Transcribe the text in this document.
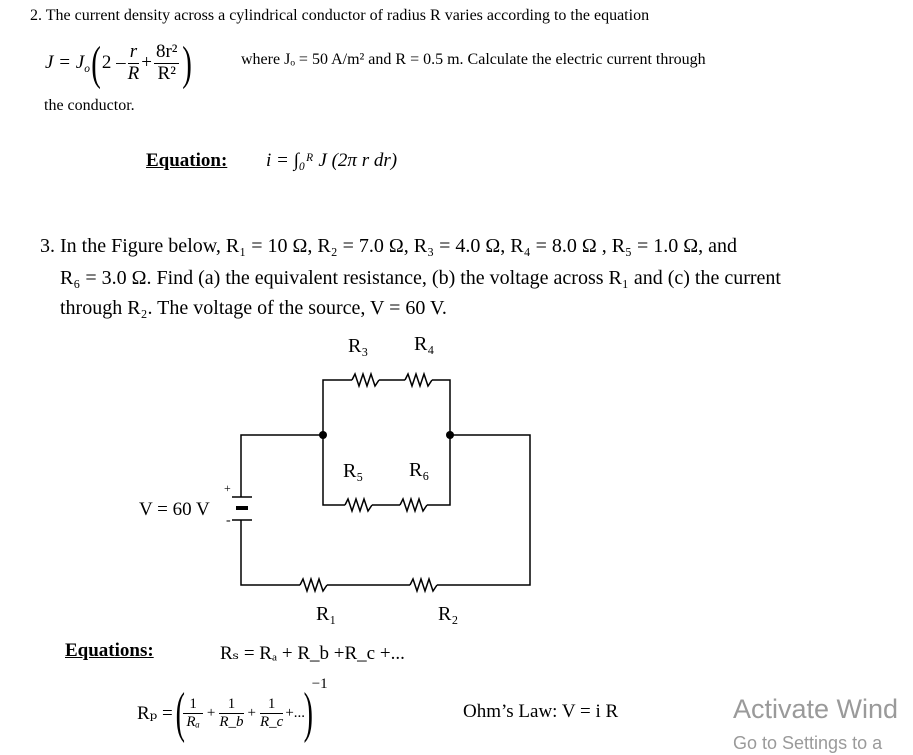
2. The current density across a cylindrical conductor of radius R varies according to the equation
$J = J_o$ ( $2 - \frac{r}{R} + \frac{\text{8r²}}{\text{R²}}$ )	where Jₒ = 50 A/m² and R = 0.5 m. Calculate the electric current through
the conductor.
Equation: i = ∫₀ᴿ J (2π r dr)
3. In the Figure below, R₁ = 10 Ω, R₂ = 7.0 Ω, R₃ = 4.0 Ω, R₄ = 8.0 Ω , R₅ = 1.0 Ω, and
R₆ = 3.0 Ω. Find (a) the equivalent resistance, (b) the voltage across R₁ and (c) the current
through R₂. The voltage of the source, V = 60 V.
R₃ R₄
R₅ R₆
R₁	R₂
V = 60 V
+
-
Equations:	Rₛ = Rₐ + R_b +R_c +...
Rₚ = (
$\frac{1}{\text{Rₐ}} + \frac{1}{R\_b} + \frac{1}{R\_c}$ +...
)
−1
Ohm’s Law: V = i R	Activate Wind
Go to Settings to a
